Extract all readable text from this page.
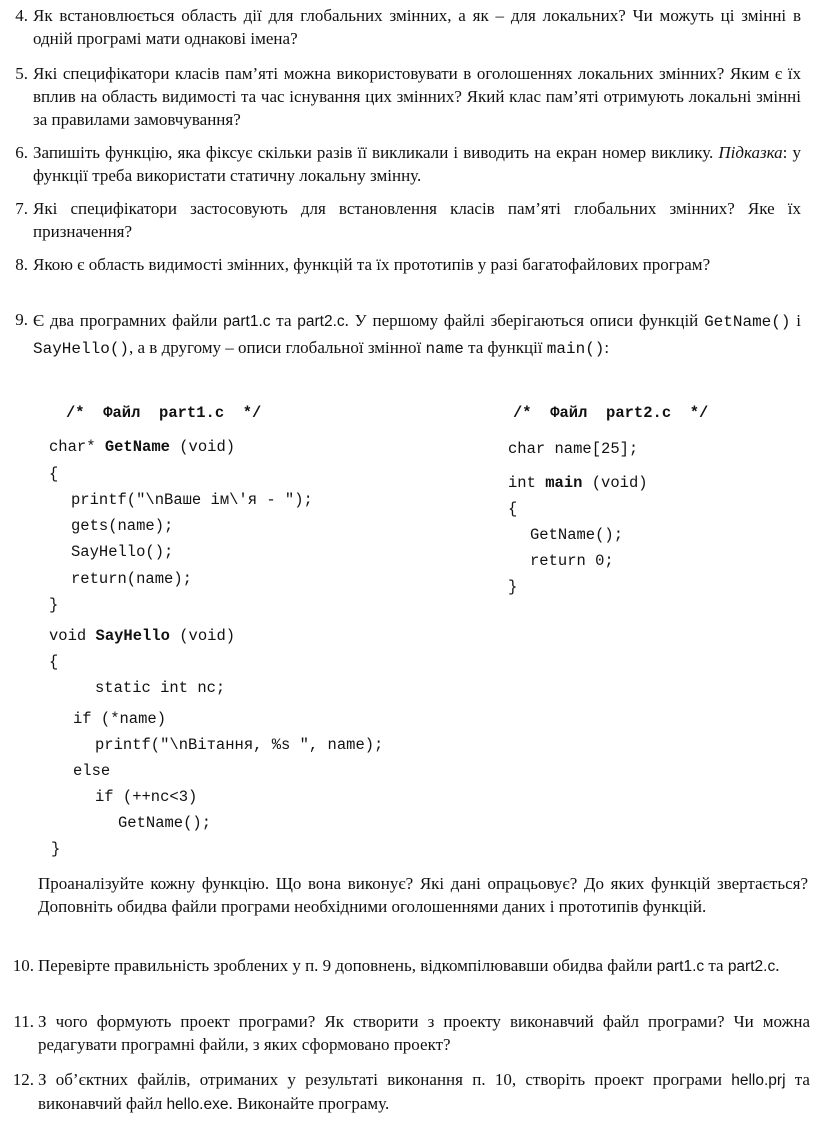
4. Як встановлюється область дії для глобальних змінних, а як – для локальних? Чи можуть ці змінні в одній програмі мати однакові імена?
5. Які специфікатори класів пам’яті можна використовувати в оголошеннях локальних змінних? Яким є їх вплив на область видимості та час існування цих змінних? Який клас пам’яті отримують локальні змінні за правилами замовчування?
6. Запишіть функцію, яка фіксує скільки разів її викликали і виводить на екран номер виклику. Підказка: у функції треба використати статичну локальну змінну.
7. Які специфікатори застосовують для встановлення класів пам’яті глобальних змінних? Яке їх призначення?
8. Якою є область видимості змінних, функцій та їх прототипів у разі багатофайлових програм?
9. Є два програмних файли part1.c та part2.c. У першому файлі зберігаються описи функцій GetName() і SayHello(), а в другому – описи глобальної змінної name та функції main():
/*  Файл  part1.c  */
char* GetName (void)
{
printf("\nВаше ім\'я - ");
gets(name);
SayHello();
return(name);
}
void SayHello (void)
{
static int nc;
if (*name)
printf("\nВітання, %s ", name);
else
if (++nc<3)
GetName();
}
/*  Файл  part2.c  */
char name[25];
int main (void)
{
GetName();
return 0;
}
Проаналізуйте кожну функцію. Що вона виконує? Які дані опрацьовує? До яких функцій звертається? Доповніть обидва файли програми необхідними оголошеннями даних і прототипів функцій.
10. Перевірте правильність зроблених у п. 9 доповнень, відкомпілювавши обидва файли part1.c та part2.c.
11. З чого формують проект програми? Як створити з проекту виконавчий файл програми? Чи можна редагувати програмні файли, з яких сформовано проект?
12. З об’єктних файлів, отриманих у результаті виконання п. 10, створіть проект програми hello.prj та виконавчий файл hello.exe. Виконайте програму.
